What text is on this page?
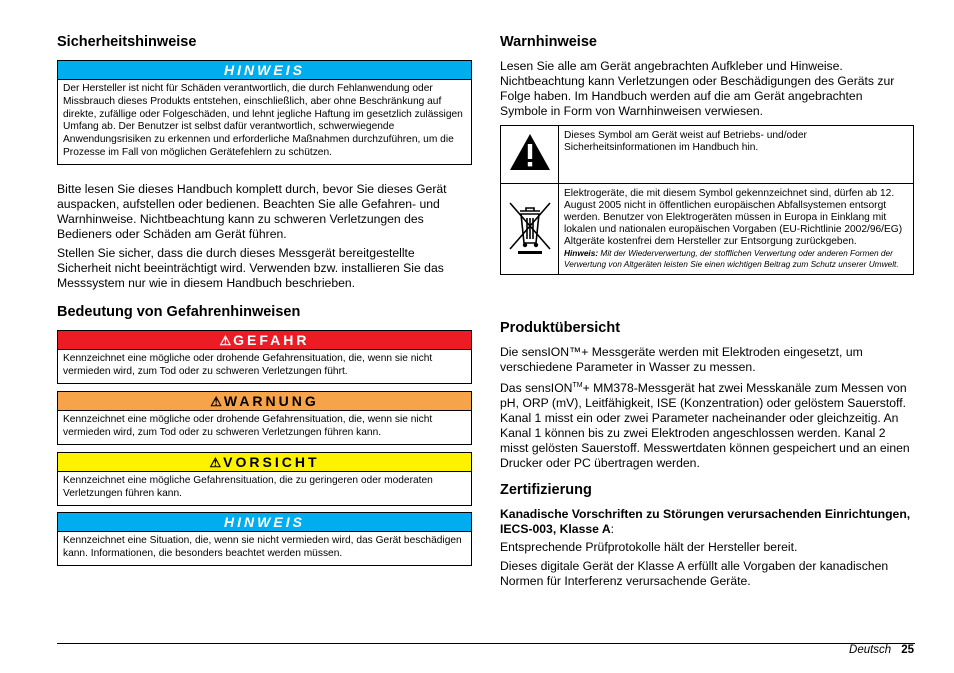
Sicherheitshinweise
HINWEIS
Der Hersteller ist nicht für Schäden verantwortlich, die durch Fehlanwendung oder Missbrauch dieses Produkts entstehen, einschließlich, aber ohne Beschränkung auf direkte, zufällige oder Folgeschäden, und lehnt jegliche Haftung im gesetzlich zulässigen Umfang ab. Der Benutzer ist selbst dafür verantwortlich, schwerwiegende Anwendungsrisiken zu erkennen und erforderliche Maßnahmen durchzuführen, um die Prozesse im Fall von möglichen Gerätefehlern zu schützen.

Bitte lesen Sie dieses Handbuch komplett durch, bevor Sie dieses Gerät auspacken, aufstellen oder bedienen. Beachten Sie alle Gefahren- und Warnhinweise. Nichtbeachtung kann zu schweren Verletzungen des Bedieners oder Schäden am Gerät führen.

Stellen Sie sicher, dass die durch dieses Messgerät bereitgestellte Sicherheit nicht beeinträchtigt wird. Verwenden bzw. installieren Sie das Messsystem nur wie in diesem Handbuch beschrieben.

Bedeutung von Gefahrenhinweisen
⚠ GEFAHR
Kennzeichnet eine mögliche oder drohende Gefahrensituation, die, wenn sie nicht vermieden wird, zum Tod oder zu schweren Verletzungen führt.
⚠ WARNUNG
Kennzeichnet eine mögliche oder drohende Gefahrensituation, die, wenn sie nicht vermieden wird, zum Tod oder zu schweren Verletzungen führen kann.
⚠ VORSICHT
Kennzeichnet eine mögliche Gefahrensituation, die zu geringeren oder moderaten Verletzungen führen kann.
HINWEIS
Kennzeichnet eine Situation, die, wenn sie nicht vermieden wird, das Gerät beschädigen kann. Informationen, die besonders beachtet werden müssen.
Warnhinweise

Lesen Sie alle am Gerät angebrachten Aufkleber und Hinweise. Nichtbeachtung kann Verletzungen oder Beschädigungen des Geräts zur Folge haben. Im Handbuch werden auf die am Gerät angebrachten Symbole in Form von Warnhinweisen verwiesen.

	Dieses Symbol am Gerät weist auf Betriebs- und/oder Sicherheitsinformationen im Handbuch hin.

Elektrogeräte, die mit diesem Symbol gekennzeichnet sind, dürfen ab 12. August 2005 nicht in öffentlichen europäischen Abfallsystemen entsorgt werden. Benutzer von Elektrogeräten müssen in Europa in Einklang mit lokalen und nationalen europäischen Vorgaben (EU-Richtlinie 2002/96/EG) Altgeräte kostenfrei dem Hersteller zur Entsorgung zurückgeben.
Hinweis: Mit der Wiederverwertung, der stofflichen Verwertung oder anderen Formen der Verwertung von Altgeräten leisten Sie einen wichtigen Beitrag zum Schutz unserer Umwelt.
Produktübersicht

Die sensION™+ Messgeräte werden mit Elektroden eingesetzt, um verschiedene Parameter in Wasser zu messen.

Das sensION™+ MM378-Messgerät hat zwei Messkanäle zum Messen von pH, ORP (mV), Leitfähigkeit, ISE (Konzentration) oder gelöstem Sauerstoff. Kanal 1 misst ein oder zwei Parameter nacheinander oder gleichzeitig. An Kanal 1 können bis zu zwei Elektroden angeschlossen werden. Kanal 2 misst gelösten Sauerstoff. Messwertdaten können gespeichert und an einen Drucker oder PC übertragen werden.

Zertifizierung

Kanadische Vorschriften zu Störungen verursachenden Einrichtungen, IECS-003, Klasse A:

Entsprechende Prüfprotokolle hält der Hersteller bereit.

Dieses digitale Gerät der Klasse A erfüllt alle Vorgaben der kanadischen Normen für Interferenz verursachende Geräte.

Deutsch 25
